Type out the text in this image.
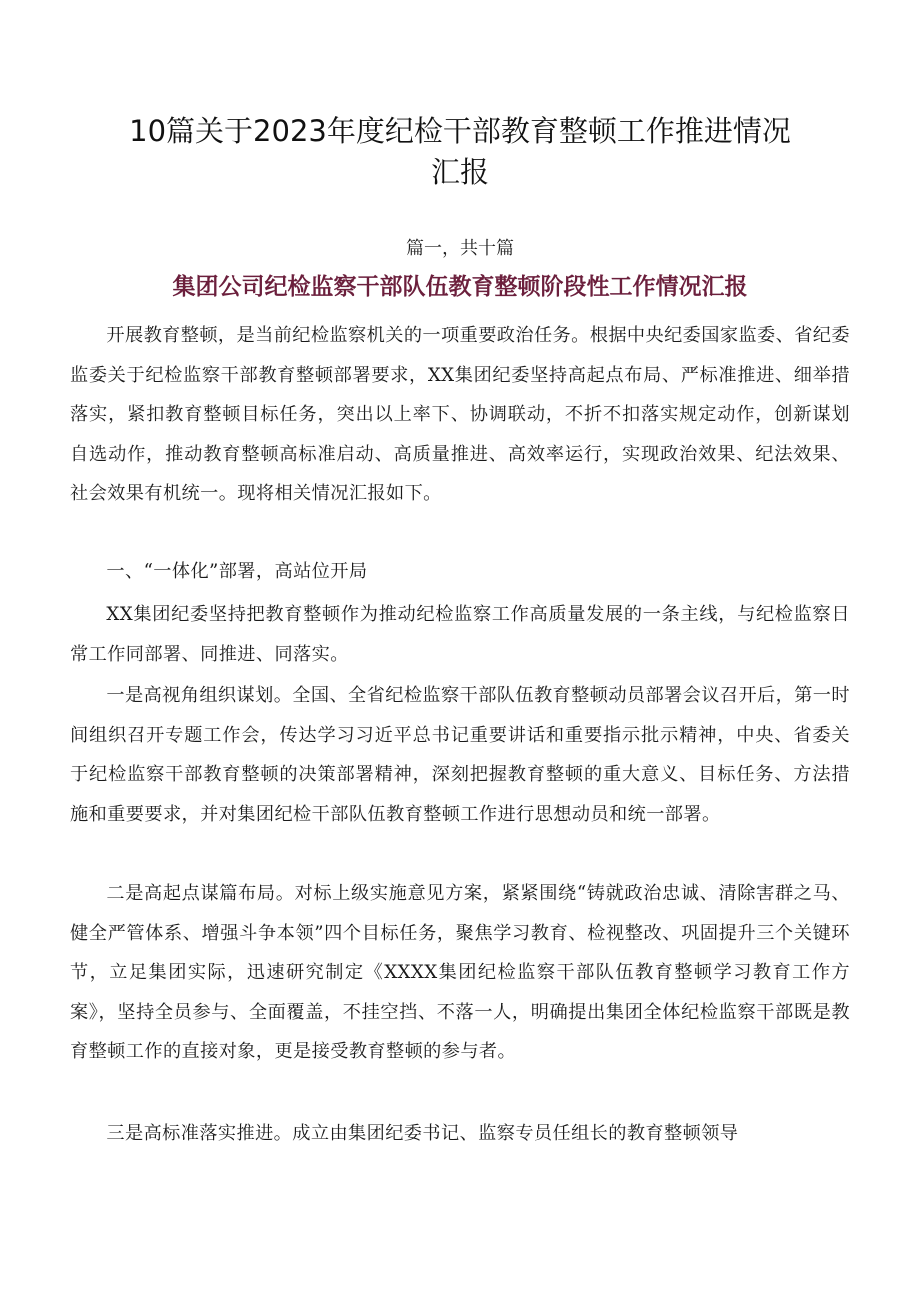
10篇关于2023年度纪检干部教育整顿工作推进情况
汇报
篇一，共十篇
集团公司纪检监察干部队伍教育整顿阶段性工作情况汇报

开展教育整顿，是当前纪检监察机关的一项重要政治任务。根据中央纪委国家监委、省纪委监委关于纪检监察干部教育整顿部署要求，XX集团纪委坚持高起点布局、严标准推进、细举措落实，紧扣教育整顿目标任务，突出以上率下、协调联动，不折不扣落实规定动作，创新谋划自选动作，推动教育整顿高标准启动、高质量推进、高效率运行，实现政治效果、纪法效果、社会效果有机统一。现将相关情况汇报如下。

一、“一体化”部署，高站位开局

XX集团纪委坚持把教育整顿作为推动纪检监察工作高质量发展的一条主线，与纪检监察日常工作同部署、同推进、同落实。

一是高视角组织谋划。全国、全省纪检监察干部队伍教育整顿动员部署会议召开后，第一时间组织召开专题工作会，传达学习习近平总书记重要讲话和重要指示批示精神，中央、省委关于纪检监察干部教育整顿的决策部署精神，深刻把握教育整顿的重大意义、目标任务、方法措施和重要要求，并对集团纪检干部队伍教育整顿工作进行思想动员和统一部署。

二是高起点谋篇布局。对标上级实施意见方案，紧紧围绕“铸就政治忠诚、清除害群之马、健全严管体系、增强斗争本领”四个目标任务，聚焦学习教育、检视整改、巩固提升三个关键环节，立足集团实际，迅速研究制定《XXXX集团纪检监察干部队伍教育整顿学习教育工作方案》，坚持全员参与、全面覆盖，不挂空挡、不落一人，明确提出集团全体纪检监察干部既是教育整顿工作的直接对象，更是接受教育整顿的参与者。

三是高标准落实推进。成立由集团纪委书记、监察专员任组长的教育整顿领导
